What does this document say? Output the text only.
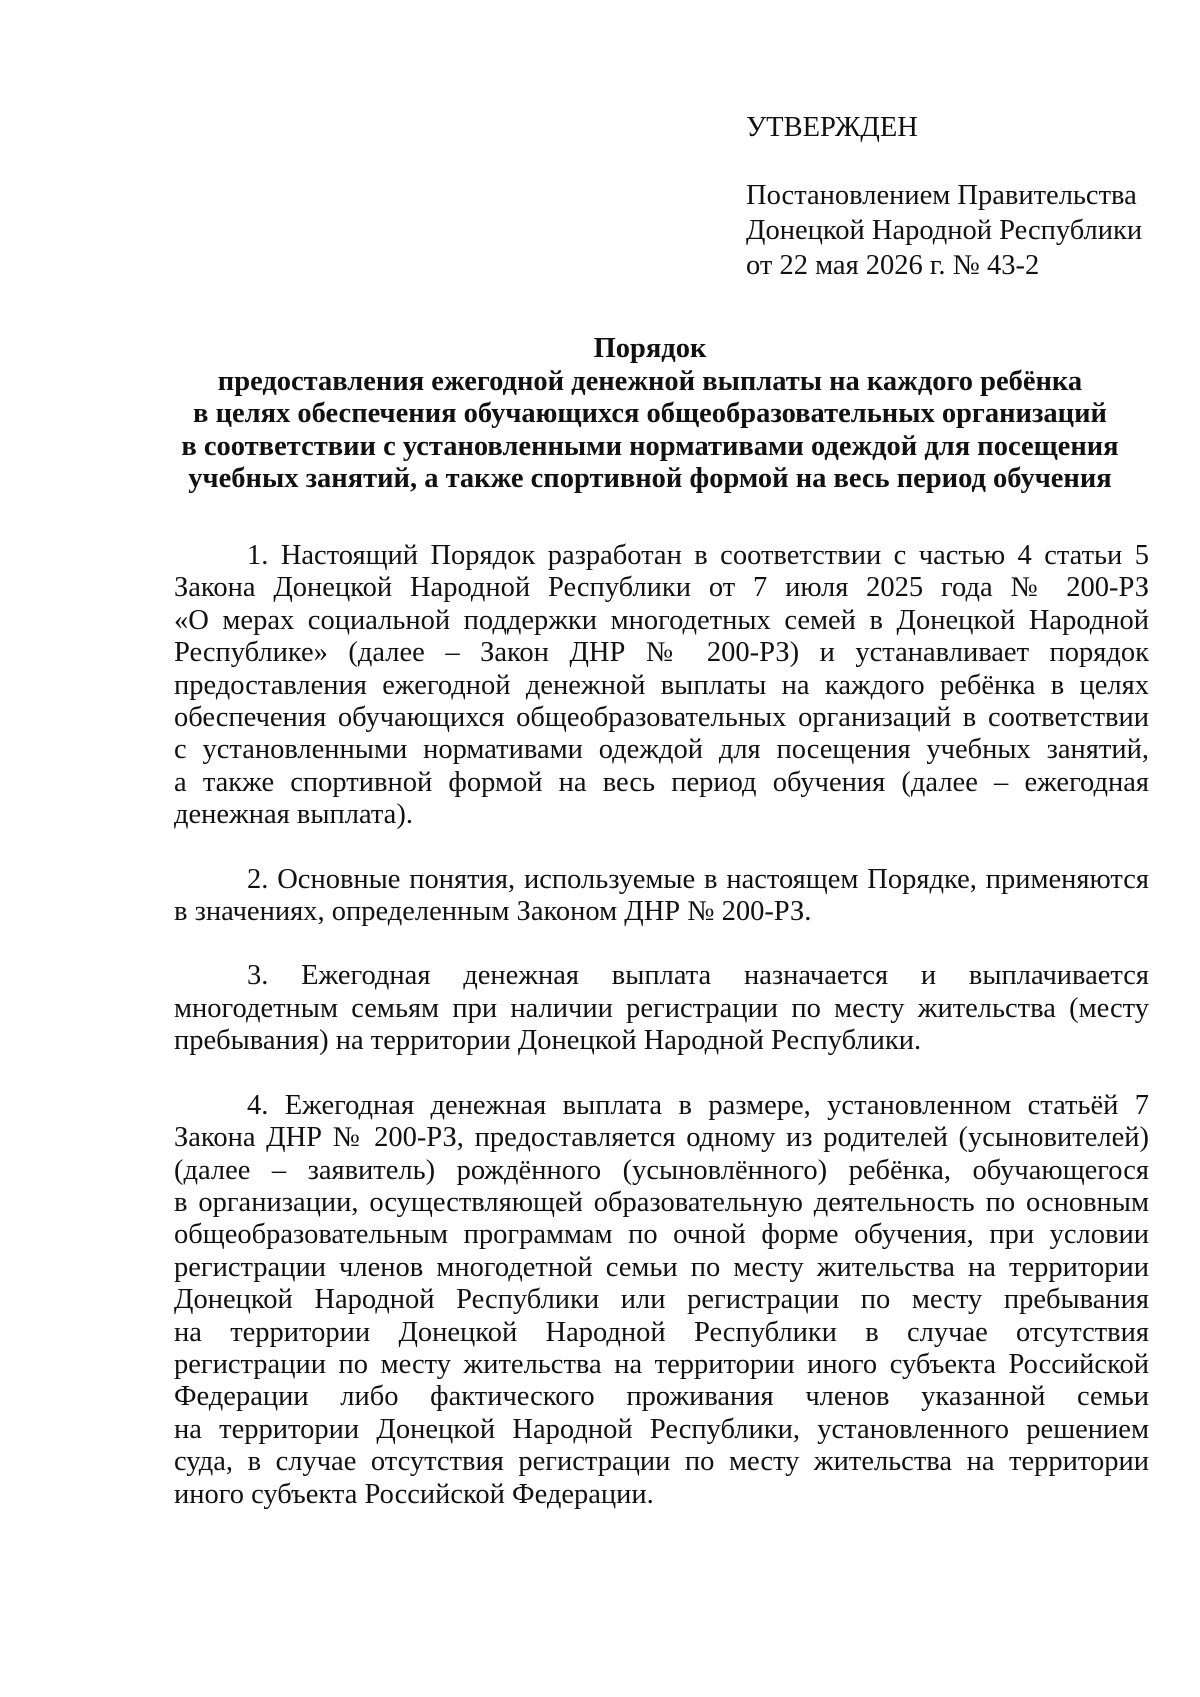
УТВЕРЖДЕН
Постановлением Правительства
Донецкой Народной Республики
от 22 мая 2026 г. № 43-2
Порядок
предоставления ежегодной денежной выплаты на каждого ребёнка
в целях обеспечения обучающихся общеобразовательных организаций
в соответствии с установленными нормативами одеждой для посещения
учебных занятий, а также спортивной формой на весь период обучения
1. Настоящий Порядок разработан в соответствии с частью 4 статьи 5
Закона Донецкой Народной Республики от 7 июля 2025 года № 200-РЗ
«О мерах социальной поддержки многодетных семей в Донецкой Народной
Республике» (далее – Закон ДНР № 200-РЗ) и устанавливает порядок
предоставления ежегодной денежной выплаты на каждого ребёнка в целях
обеспечения обучающихся общеобразовательных организаций в соответствии
с установленными нормативами одеждой для посещения учебных занятий,
а также спортивной формой на весь период обучения (далее – ежегодная
денежная выплата).
2. Основные понятия, используемые в настоящем Порядке, применяются
в значениях, определенным Законом ДНР № 200-РЗ.
3. Ежегодная денежная выплата назначается и выплачивается
многодетным семьям при наличии регистрации по месту жительства (месту
пребывания) на территории Донецкой Народной Республики.
4. Ежегодная денежная выплата в размере, установленном статьёй 7
Закона ДНР № 200-РЗ, предоставляется одному из родителей (усыновителей)
(далее – заявитель) рождённого (усыновлённого) ребёнка, обучающегося
в организации, осуществляющей образовательную деятельность по основным
общеобразовательным программам по очной форме обучения, при условии
регистрации членов многодетной семьи по месту жительства на территории
Донецкой Народной Республики или регистрации по месту пребывания
на территории Донецкой Народной Республики в случае отсутствия
регистрации по месту жительства на территории иного субъекта Российской
Федерации либо фактического проживания членов указанной семьи
на территории Донецкой Народной Республики, установленного решением
суда, в случае отсутствия регистрации по месту жительства на территории
иного субъекта Российской Федерации.
